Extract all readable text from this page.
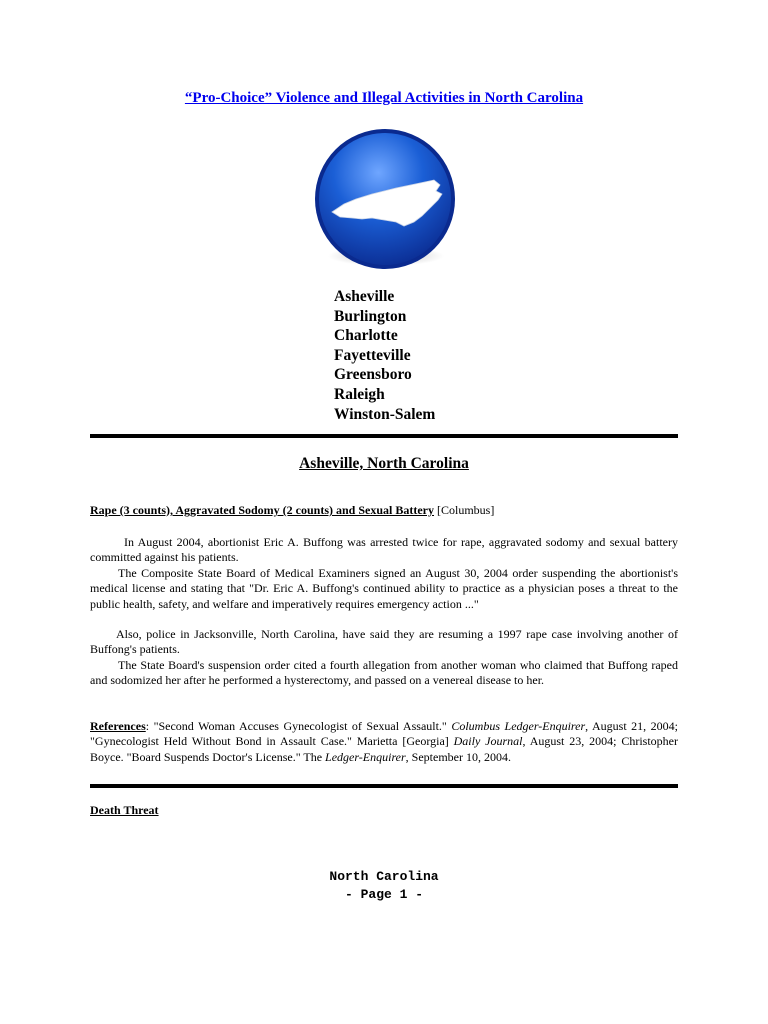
“Pro-Choice” Violence and Illegal Activities in North Carolina
Asheville
Burlington
Charlotte
Fayetteville
Greensboro
Raleigh
Winston-Salem
Asheville, North Carolina
Rape (3 counts), Aggravated Sodomy (2 counts) and Sexual Battery [Columbus]
In August 2004, abortionist Eric A. Buffong was arrested twice for rape, aggravated sodomy and sexual battery committed against his patients.
The Composite State Board of Medical Examiners signed an August 30, 2004 order suspending the abortionist's medical license and stating that "Dr. Eric A. Buffong's continued ability to practice as a physician poses a threat to the public health, safety, and welfare and imperatively requires emergency action ..."
Also, police in Jacksonville, North Carolina, have said they are resuming a 1997 rape case involving another of Buffong's patients.
The State Board's suspension order cited a fourth allegation from another woman who claimed that Buffong raped and sodomized her after he performed a hysterectomy, and passed on a venereal disease to her.
References: "Second Woman Accuses Gynecologist of Sexual Assault." Columbus Ledger-Enquirer, August 21, 2004; "Gynecologist Held Without Bond in Assault Case." Marietta [Georgia] Daily Journal, August 23, 2004; Christopher Boyce. "Board Suspends Doctor's License." The Ledger-Enquirer, September 10, 2004.
Death Threat
North Carolina
- Page 1 -
